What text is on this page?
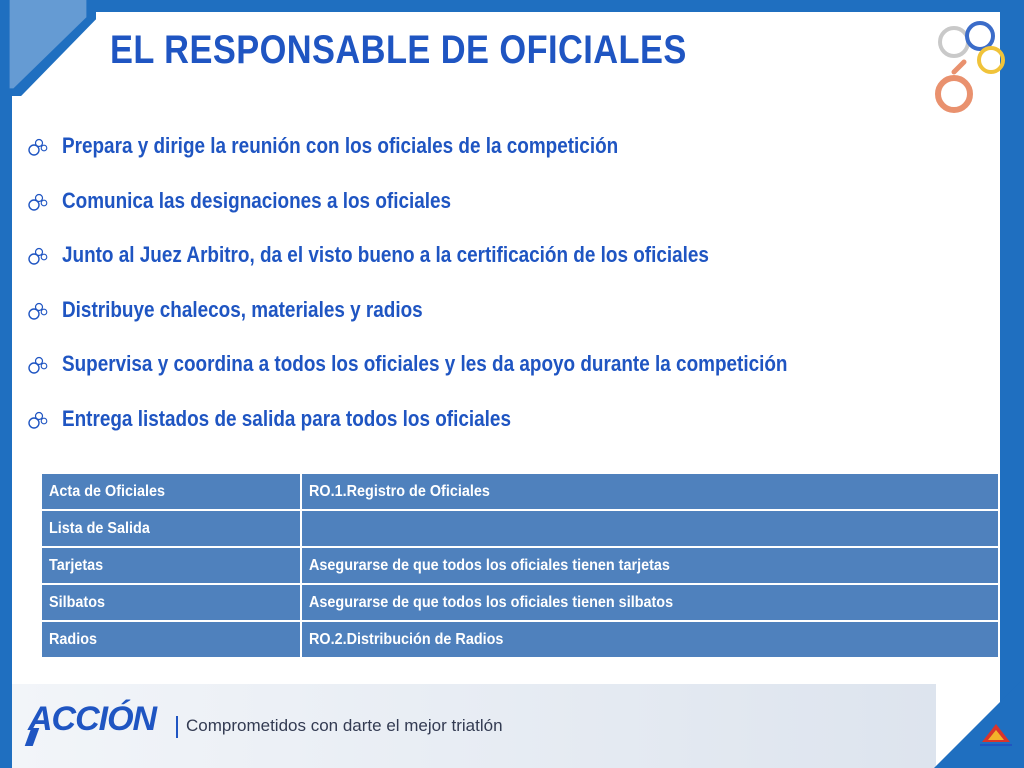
EL RESPONSABLE DE OFICIALES
Prepara y dirige la reunión con los oficiales de la competición
Comunica las designaciones a los oficiales
Junto al Juez Arbitro, da el visto bueno a la certificación de los oficiales
Distribuye chalecos, materiales y radios
Supervisa y coordina a todos los oficiales y les da apoyo durante la competición
Entrega listados de salida para todos los oficiales
Acta de Oficiales	RO.1.Registro de Oficiales
Lista de Salida	
Tarjetas	Asegurarse de que todos los oficiales tienen tarjetas
Silbatos	Asegurarse de que todos los oficiales tienen silbatos
Radios	RO.2.Distribución de Radios
ACCIÓN Comprometidos con darte el mejor triatlón
